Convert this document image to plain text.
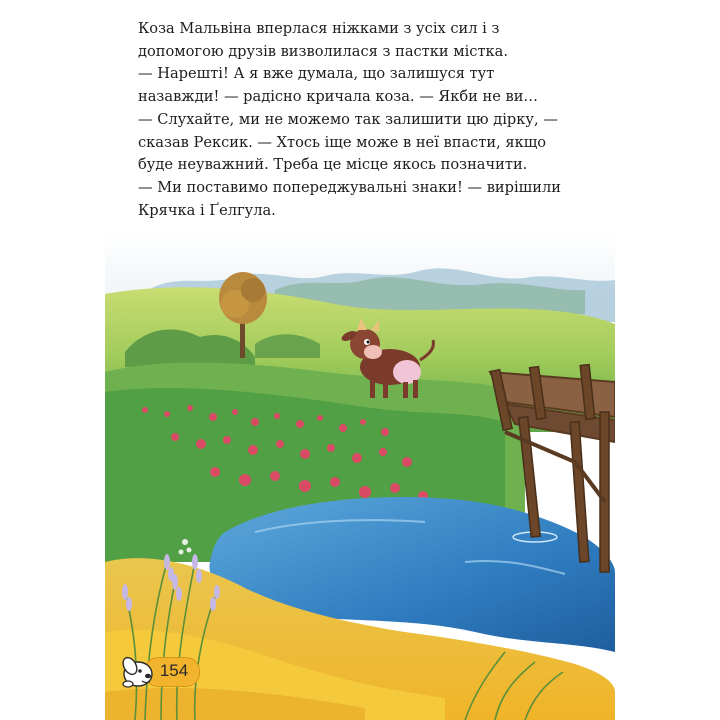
Коза Мальвіна вперлася ніжками з усіх сил і з

допомогою друзів визволилася з пастки містка.

— Нарешті! А я вже думала, що залишуся тут

назавжди! — радісно кричала коза. — Якби не ви…

— Слухайте, ми не можемо так залишити цю дірку, —

сказав Рексик. — Хтось іще може в неї впасти, якщо

буде неуважний. Треба це місце якось позначити.

— Ми поставимо попереджувальні знаки! — вирішили

Крячка і Ґелгула.

154
